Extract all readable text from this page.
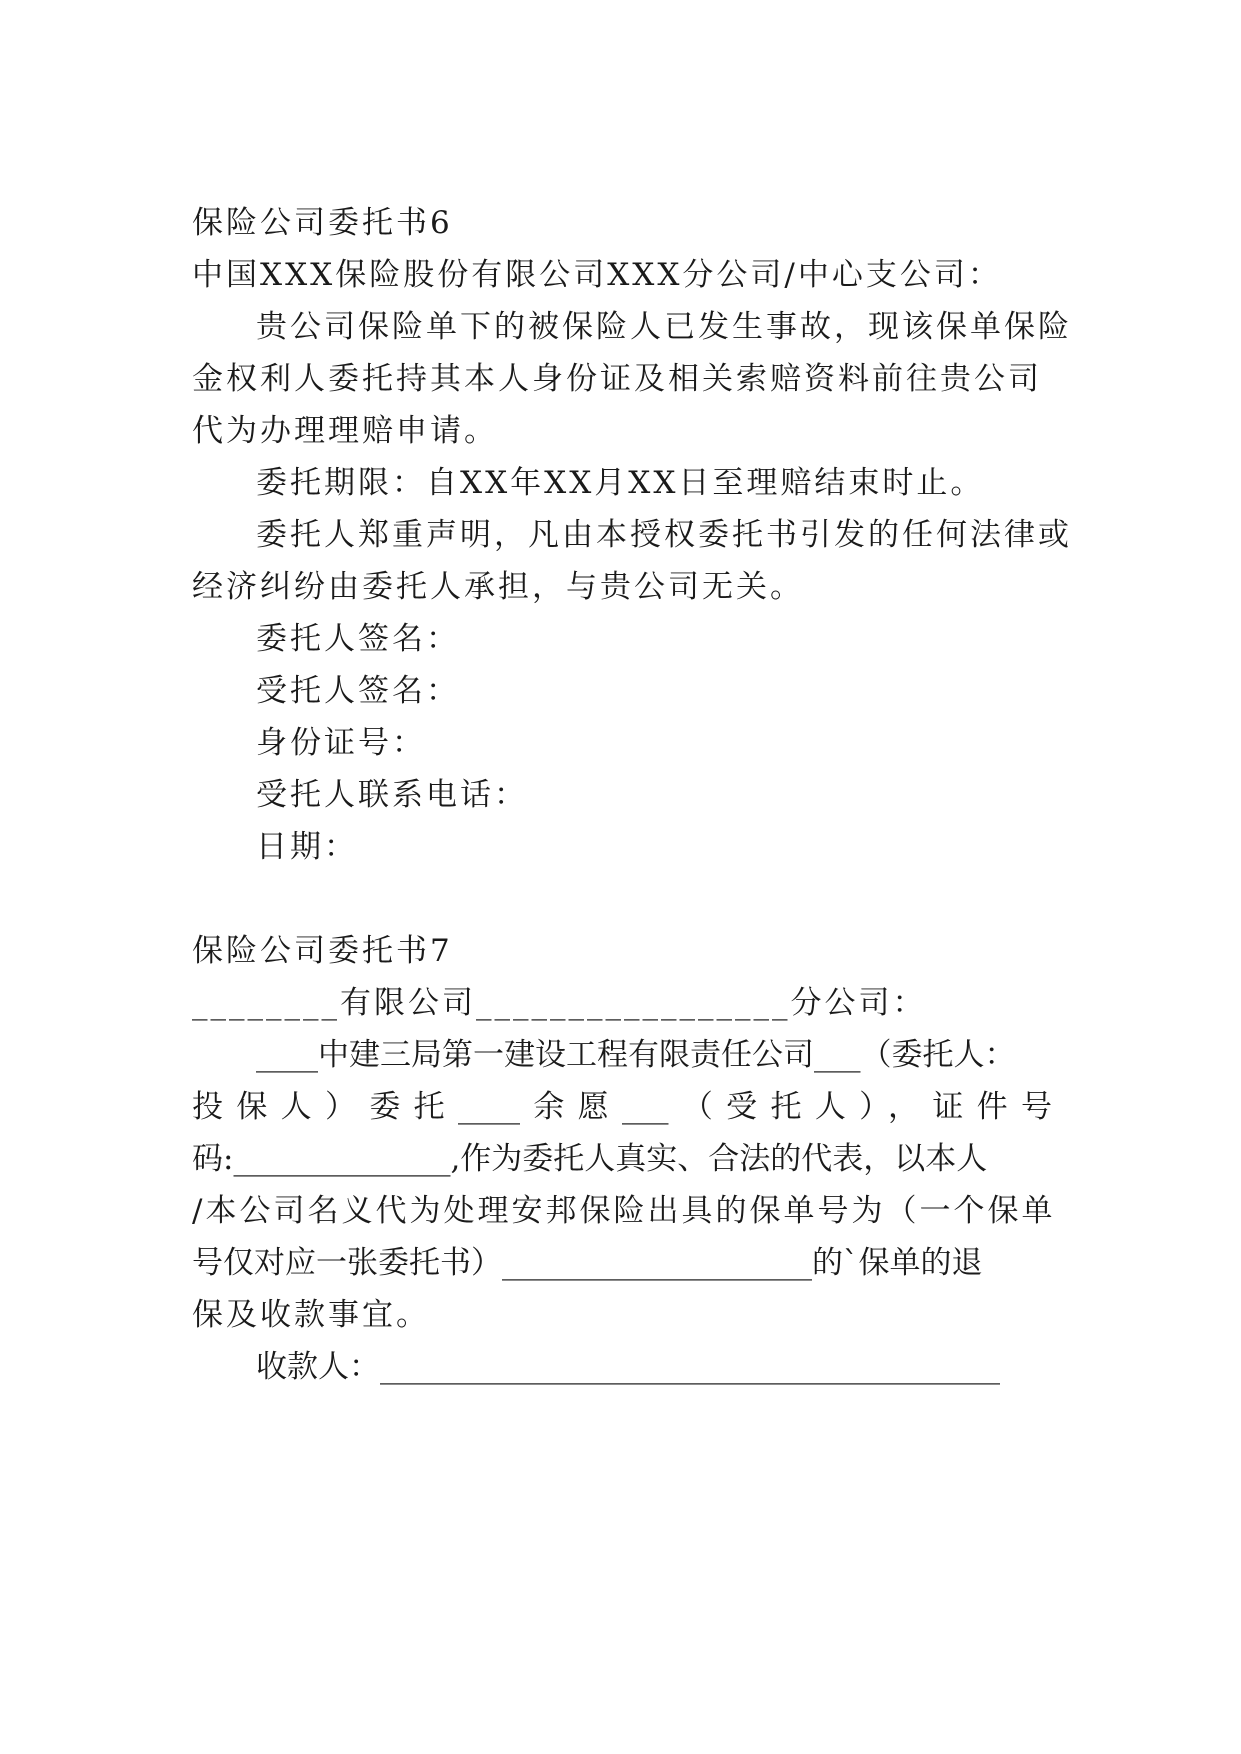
保险公司委托书6
中国XXX保险股份有限公司XXX分公司/中心支公司：
贵公司保险单下的被保险人已发生事故，现该保单保险
金权利人委托持其本人身份证及相关索赔资料前往贵公司
代为办理理赔申请。
委托期限：自XX年XX月XX日至理赔结束时止。
委托人郑重声明，凡由本授权委托书引发的任何法律或
经济纠纷由委托人承担，与贵公司无关。
委托人签名：
受托人签名：
身份证号：
受托人联系电话：
日期：
保险公司委托书7
________有限公司_________________分公司：
____中建三局第一建设工程有限责任公司___（委托人：
投保人）委托____余愿___（受托人），证件号
码:______________,作为委托人真实、合法的代表，以本人
/本公司名义代为处理安邦保险出具的保单号为（一个保单
号仅对应一张委托书）____________________的`保单的退
保及收款事宜。
收款人：________________________________________
